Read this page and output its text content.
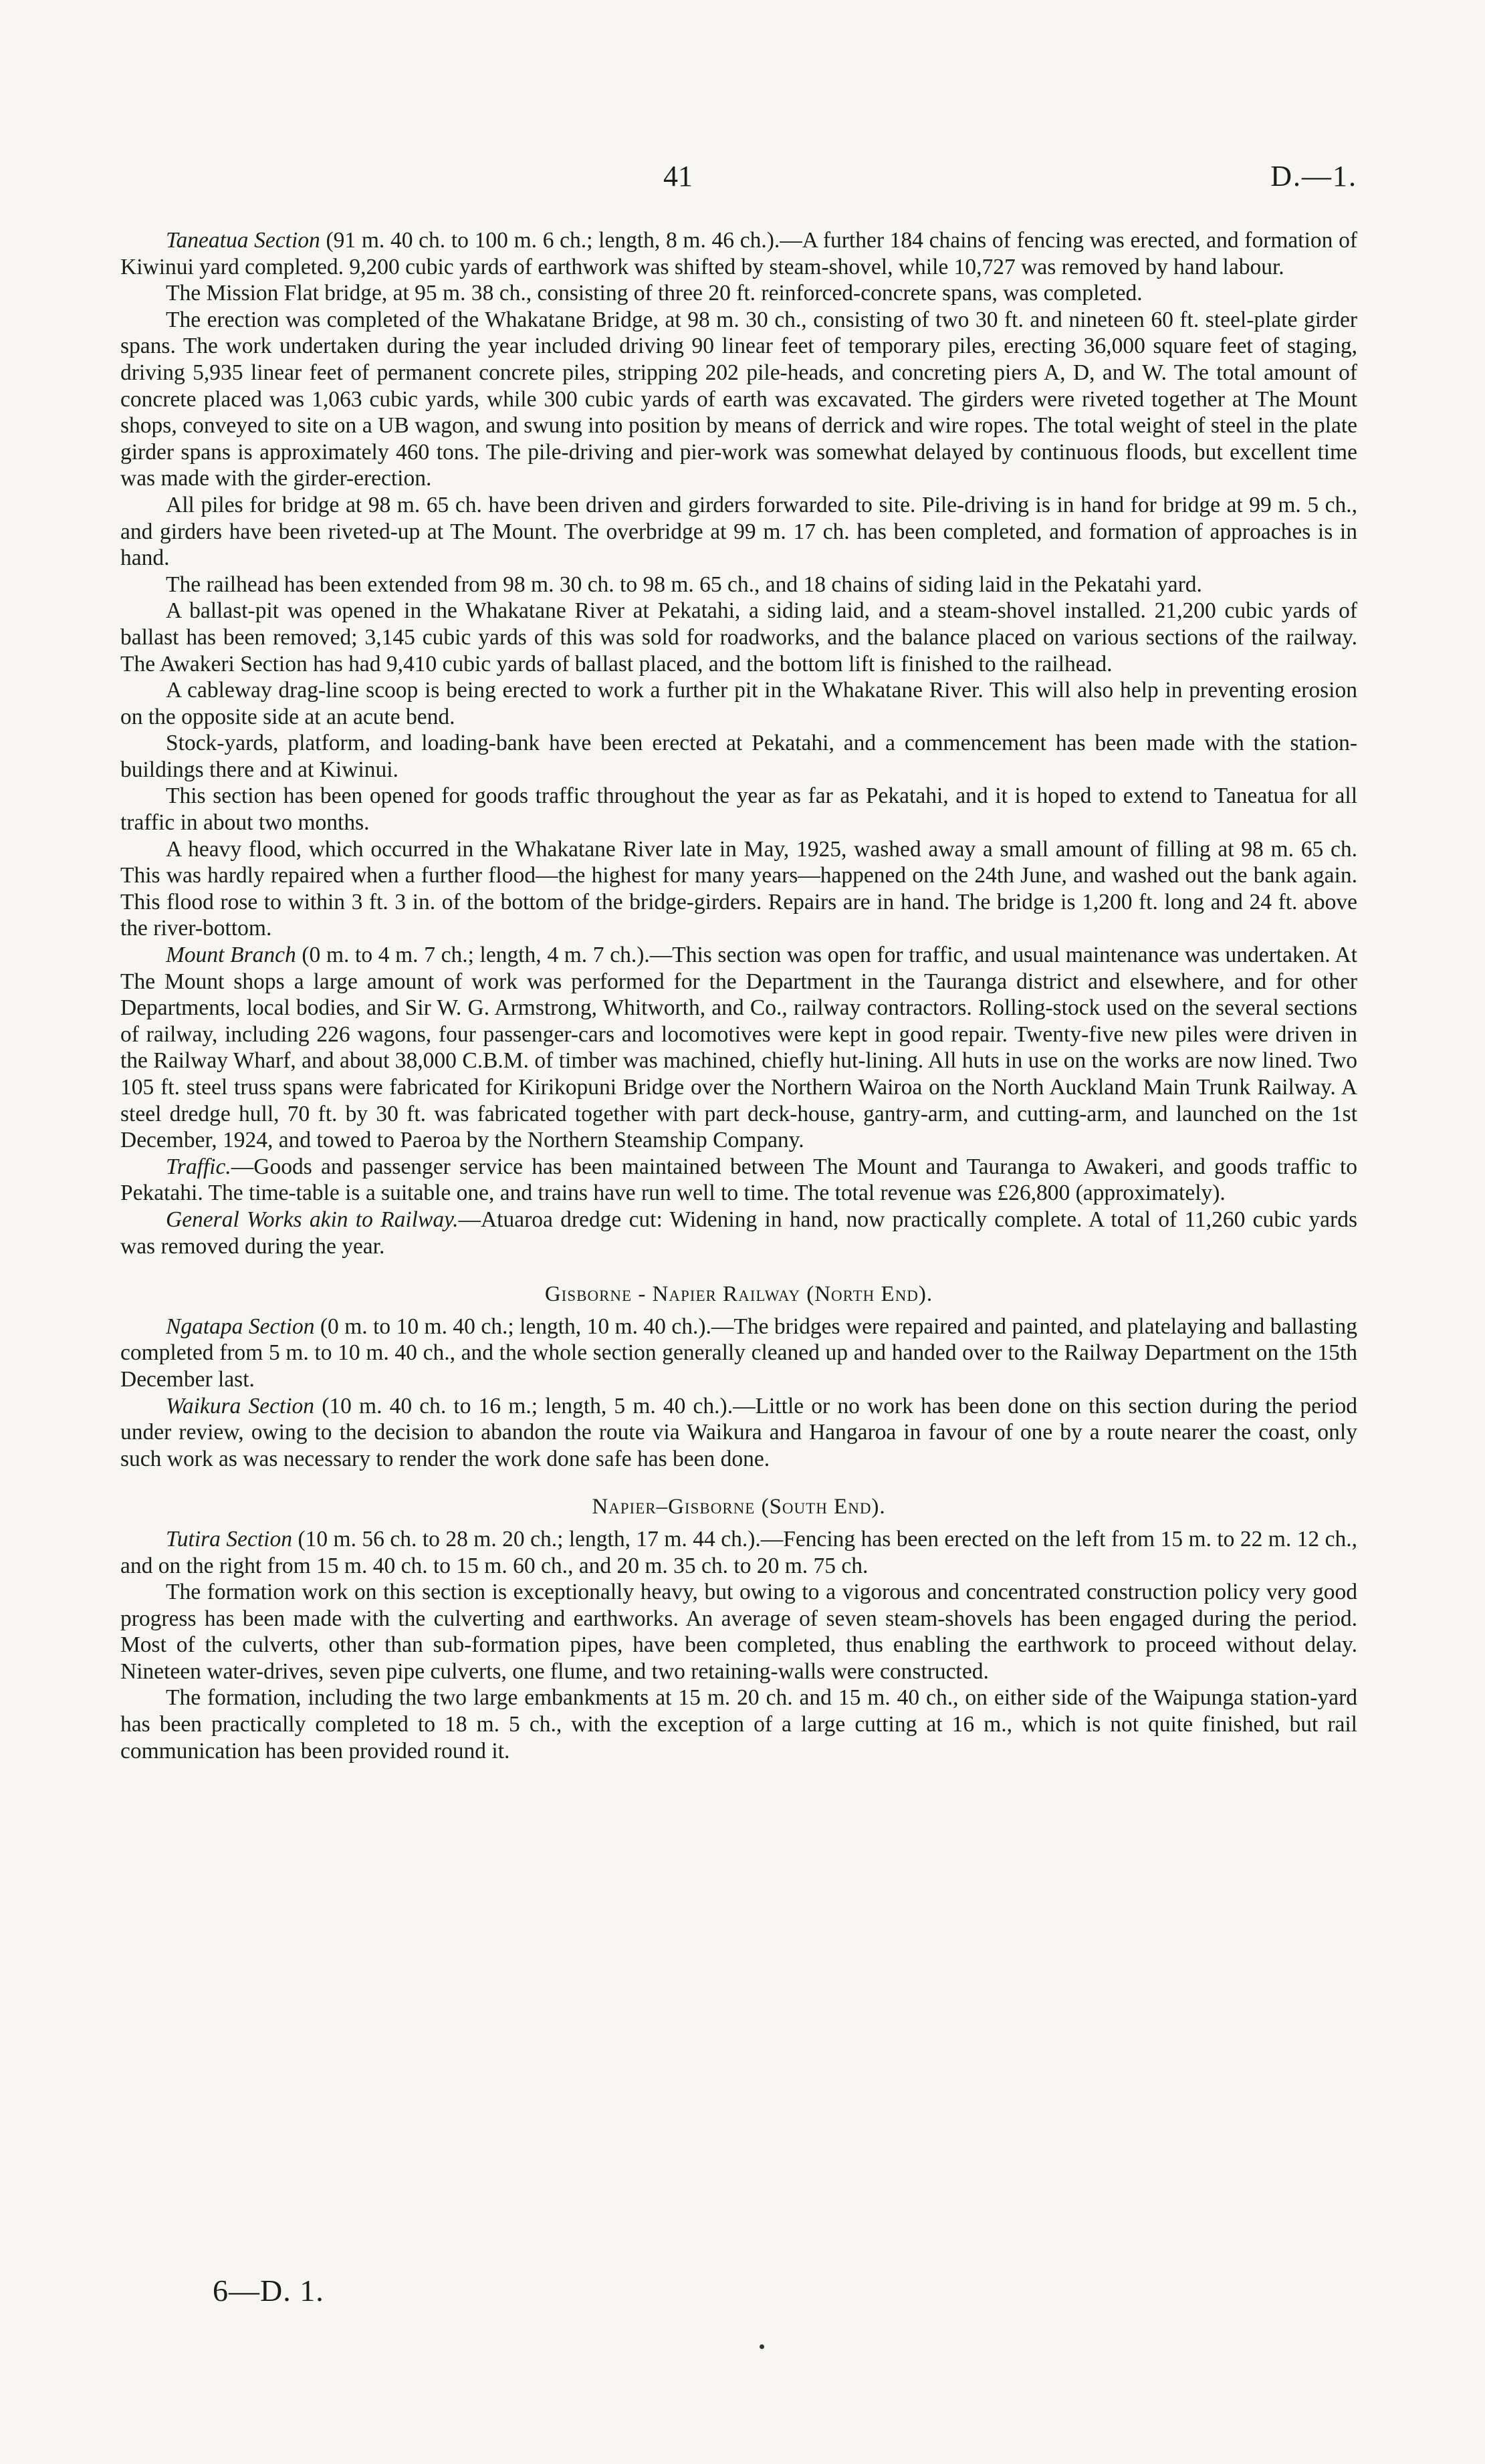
41	D.—1.

Taneatua Section (91 m. 40 ch. to 100 m. 6 ch.; length, 8 m. 46 ch.).—A further 184 chains of fencing was erected, and formation of Kiwinui yard completed. 9,200 cubic yards of earthwork was shifted by steam-shovel, while 10,727 was removed by hand labour.

The Mission Flat bridge, at 95 m. 38 ch., consisting of three 20 ft. reinforced-concrete spans, was completed.

The erection was completed of the Whakatane Bridge, at 98 m. 30 ch., consisting of two 30 ft. and nineteen 60 ft. steel-plate girder spans. The work undertaken during the year included driving 90 linear feet of temporary piles, erecting 36,000 square feet of staging, driving 5,935 linear feet of permanent concrete piles, stripping 202 pile-heads, and concreting piers A, D, and W. The total amount of concrete placed was 1,063 cubic yards, while 300 cubic yards of earth was excavated. The girders were riveted together at The Mount shops, conveyed to site on a UB wagon, and swung into position by means of derrick and wire ropes. The total weight of steel in the plate girder spans is approximately 460 tons. The pile-driving and pier-work was somewhat delayed by continuous floods, but excellent time was made with the girder-erection.

All piles for bridge at 98 m. 65 ch. have been driven and girders forwarded to site. Pile-driving is in hand for bridge at 99 m. 5 ch., and girders have been riveted-up at The Mount. The overbridge at 99 m. 17 ch. has been completed, and formation of approaches is in hand.

The railhead has been extended from 98 m. 30 ch. to 98 m. 65 ch., and 18 chains of siding laid in the Pekatahi yard.

A ballast-pit was opened in the Whakatane River at Pekatahi, a siding laid, and a steam-shovel installed. 21,200 cubic yards of ballast has been removed; 3,145 cubic yards of this was sold for roadworks, and the balance placed on various sections of the railway. The Awakeri Section has had 9,410 cubic yards of ballast placed, and the bottom lift is finished to the railhead.

A cableway drag-line scoop is being erected to work a further pit in the Whakatane River. This will also help in preventing erosion on the opposite side at an acute bend.

Stock-yards, platform, and loading-bank have been erected at Pekatahi, and a commencement has been made with the station-buildings there and at Kiwinui.

This section has been opened for goods traffic throughout the year as far as Pekatahi, and it is hoped to extend to Taneatua for all traffic in about two months.

A heavy flood, which occurred in the Whakatane River late in May, 1925, washed away a small amount of filling at 98 m. 65 ch. This was hardly repaired when a further flood—the highest for many years—happened on the 24th June, and washed out the bank again. This flood rose to within 3 ft. 3 in. of the bottom of the bridge-girders. Repairs are in hand. The bridge is 1,200 ft. long and 24 ft. above the river-bottom.

Mount Branch (0 m. to 4 m. 7 ch.; length, 4 m. 7 ch.).—This section was open for traffic, and usual maintenance was undertaken. At The Mount shops a large amount of work was performed for the Department in the Tauranga district and elsewhere, and for other Departments, local bodies, and Sir W. G. Armstrong, Whitworth, and Co., railway contractors. Rolling-stock used on the several sections of railway, including 226 wagons, four passenger-cars and locomotives were kept in good repair. Twenty-five new piles were driven in the Railway Wharf, and about 38,000 C.B.M. of timber was machined, chiefly hut-lining. All huts in use on the works are now lined. Two 105 ft. steel truss spans were fabricated for Kirikopuni Bridge over the Northern Wairoa on the North Auckland Main Trunk Railway. A steel dredge hull, 70 ft. by 30 ft. was fabricated together with part deck-house, gantry-arm, and cutting-arm, and launched on the 1st December, 1924, and towed to Paeroa by the Northern Steamship Company.

Traffic.—Goods and passenger service has been maintained between The Mount and Tauranga to Awakeri, and goods traffic to Pekatahi. The time-table is a suitable one, and trains have run well to time. The total revenue was £26,800 (approximately).

General Works akin to Railway.—Atuaroa dredge cut: Widening in hand, now practically complete. A total of 11,260 cubic yards was removed during the year.

Gisborne - Napier Railway (North End).

Ngatapa Section (0 m. to 10 m. 40 ch.; length, 10 m. 40 ch.).—The bridges were repaired and painted, and platelaying and ballasting completed from 5 m. to 10 m. 40 ch., and the whole section generally cleaned up and handed over to the Railway Department on the 15th December last.

Waikura Section (10 m. 40 ch. to 16 m.; length, 5 m. 40 ch.).—Little or no work has been done on this section during the period under review, owing to the decision to abandon the route via Waikura and Hangaroa in favour of one by a route nearer the coast, only such work as was necessary to render the work done safe has been done.

Napier–Gisborne (South End).

Tutira Section (10 m. 56 ch. to 28 m. 20 ch.; length, 17 m. 44 ch.).—Fencing has been erected on the left from 15 m. to 22 m. 12 ch., and on the right from 15 m. 40 ch. to 15 m. 60 ch., and 20 m. 35 ch. to 20 m. 75 ch.

The formation work on this section is exceptionally heavy, but owing to a vigorous and concentrated construction policy very good progress has been made with the culverting and earthworks. An average of seven steam-shovels has been engaged during the period. Most of the culverts, other than sub-formation pipes, have been completed, thus enabling the earthwork to proceed without delay. Nineteen water-drives, seven pipe culverts, one flume, and two retaining-walls were constructed.

The formation, including the two large embankments at 15 m. 20 ch. and 15 m. 40 ch., on either side of the Waipunga station-yard has been practically completed to 18 m. 5 ch., with the exception of a large cutting at 16 m., which is not quite finished, but rail communication has been provided round it.

6—D. 1.
